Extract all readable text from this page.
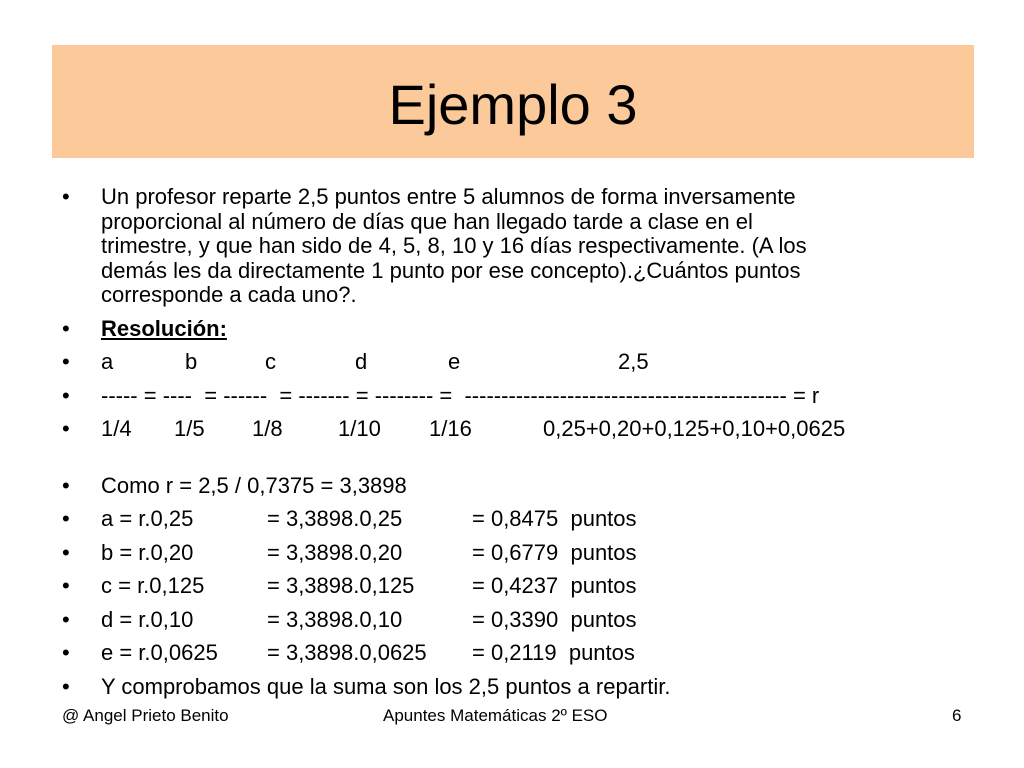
Ejemplo 3
• Un profesor reparte 2,5 puntos entre 5 alumnos de forma inversamente
proporcional al número de días que han llegado tarde a clase en el
trimestre, y que han sido de 4, 5, 8, 10 y 16 días respectivamente. (A los
demás les da directamente 1 punto por ese concepto).¿Cuántos puntos
corresponde a cada uno?.
• Resolución:
• a	b	c	d	e	2,5
• ----- = ----  = ------  = ------- = -------- =  -------------------------------------------- = r
• 1/4 1/5 1/8	1/10 1/16	0,25+0,20+0,125+0,10+0,0625
• Como r = 2,5 / 0,7375 = 3,3898
• a = r.0,25	= 3,3898.0,25	= 0,8475  puntos
• b = r.0,20	= 3,3898.0,20	= 0,6779  puntos
• c = r.0,125	= 3,3898.0,125	= 0,4237  puntos
• d = r.0,10	= 3,3898.0,10	= 0,3390  puntos
• e = r.0,0625 = 3,3898.0,0625 = 0,2119  puntos
• Y comprobamos que la suma son los 2,5 puntos a repartir.
@ Angel Prieto Benito	Apuntes Matemáticas 2º ESO	6
